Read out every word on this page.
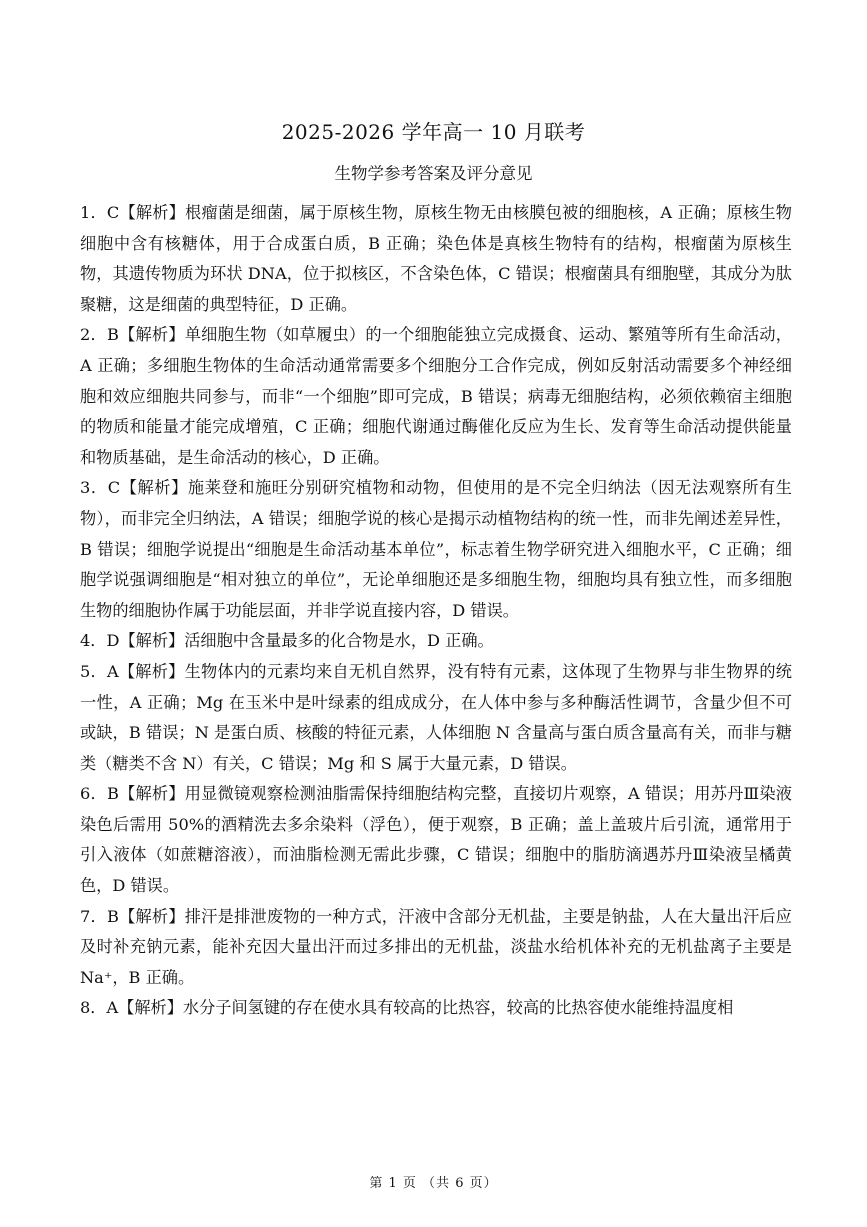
2025-2026 学年高一 10 月联考
生物学参考答案及评分意见

1．C【解析】根瘤菌是细菌，属于原核生物，原核生物无由核膜包被的细胞核，A 正确；原核生物细胞中含有核糖体，用于合成蛋白质，B 正确；染色体是真核生物特有的结构，根瘤菌为原核生物，其遗传物质为环状 DNA，位于拟核区，不含染色体，C 错误；根瘤菌具有细胞壁，其成分为肽聚糖，这是细菌的典型特征，D 正确。

2．B【解析】单细胞生物（如草履虫）的一个细胞能独立完成摄食、运动、繁殖等所有生命活动，A 正确；多细胞生物体的生命活动通常需要多个细胞分工合作完成，例如反射活动需要多个神经细胞和效应细胞共同参与，而非“一个细胞”即可完成，B 错误；病毒无细胞结构，必须依赖宿主细胞的物质和能量才能完成增殖，C 正确；细胞代谢通过酶催化反应为生长、发育等生命活动提供能量和物质基础，是生命活动的核心，D 正确。

3．C【解析】施莱登和施旺分别研究植物和动物，但使用的是不完全归纳法（因无法观察所有生物），而非完全归纳法，A 错误；细胞学说的核心是揭示动植物结构的统一性，而非先阐述差异性，B 错误；细胞学说提出“细胞是生命活动基本单位”，标志着生物学研究进入细胞水平，C 正确；细胞学说强调细胞是“相对独立的单位”，无论单细胞还是多细胞生物，细胞均具有独立性，而多细胞生物的细胞协作属于功能层面，并非学说直接内容，D 错误。

4．D【解析】活细胞中含量最多的化合物是水，D 正确。

5．A【解析】生物体内的元素均来自无机自然界，没有特有元素，这体现了生物界与非生物界的统一性，A 正确；Mg 在玉米中是叶绿素的组成成分，在人体中参与多种酶活性调节，含量少但不可或缺，B 错误；N 是蛋白质、核酸的特征元素，人体细胞 N 含量高与蛋白质含量高有关，而非与糖类（糖类不含 N）有关，C 错误；Mg 和 S 属于大量元素，D 错误。

6．B【解析】用显微镜观察检测油脂需保持细胞结构完整，直接切片观察，A 错误；用苏丹Ⅲ染液染色后需用 50%的酒精洗去多余染料（浮色），便于观察，B 正确；盖上盖玻片后引流，通常用于引入液体（如蔗糖溶液），而油脂检测无需此步骤，C 错误；细胞中的脂肪滴遇苏丹Ⅲ染液呈橘黄色，D 错误。

7．B【解析】排汗是排泄废物的一种方式，汗液中含部分无机盐，主要是钠盐，人在大量出汗后应及时补充钠元素，能补充因大量出汗而过多排出的无机盐，淡盐水给机体补充的无机盐离子主要是 Na⁺，B 正确。

8．A【解析】水分子间氢键的存在使水具有较高的比热容，较高的比热容使水能维持温度相

第 1 页 （共 6 页）
